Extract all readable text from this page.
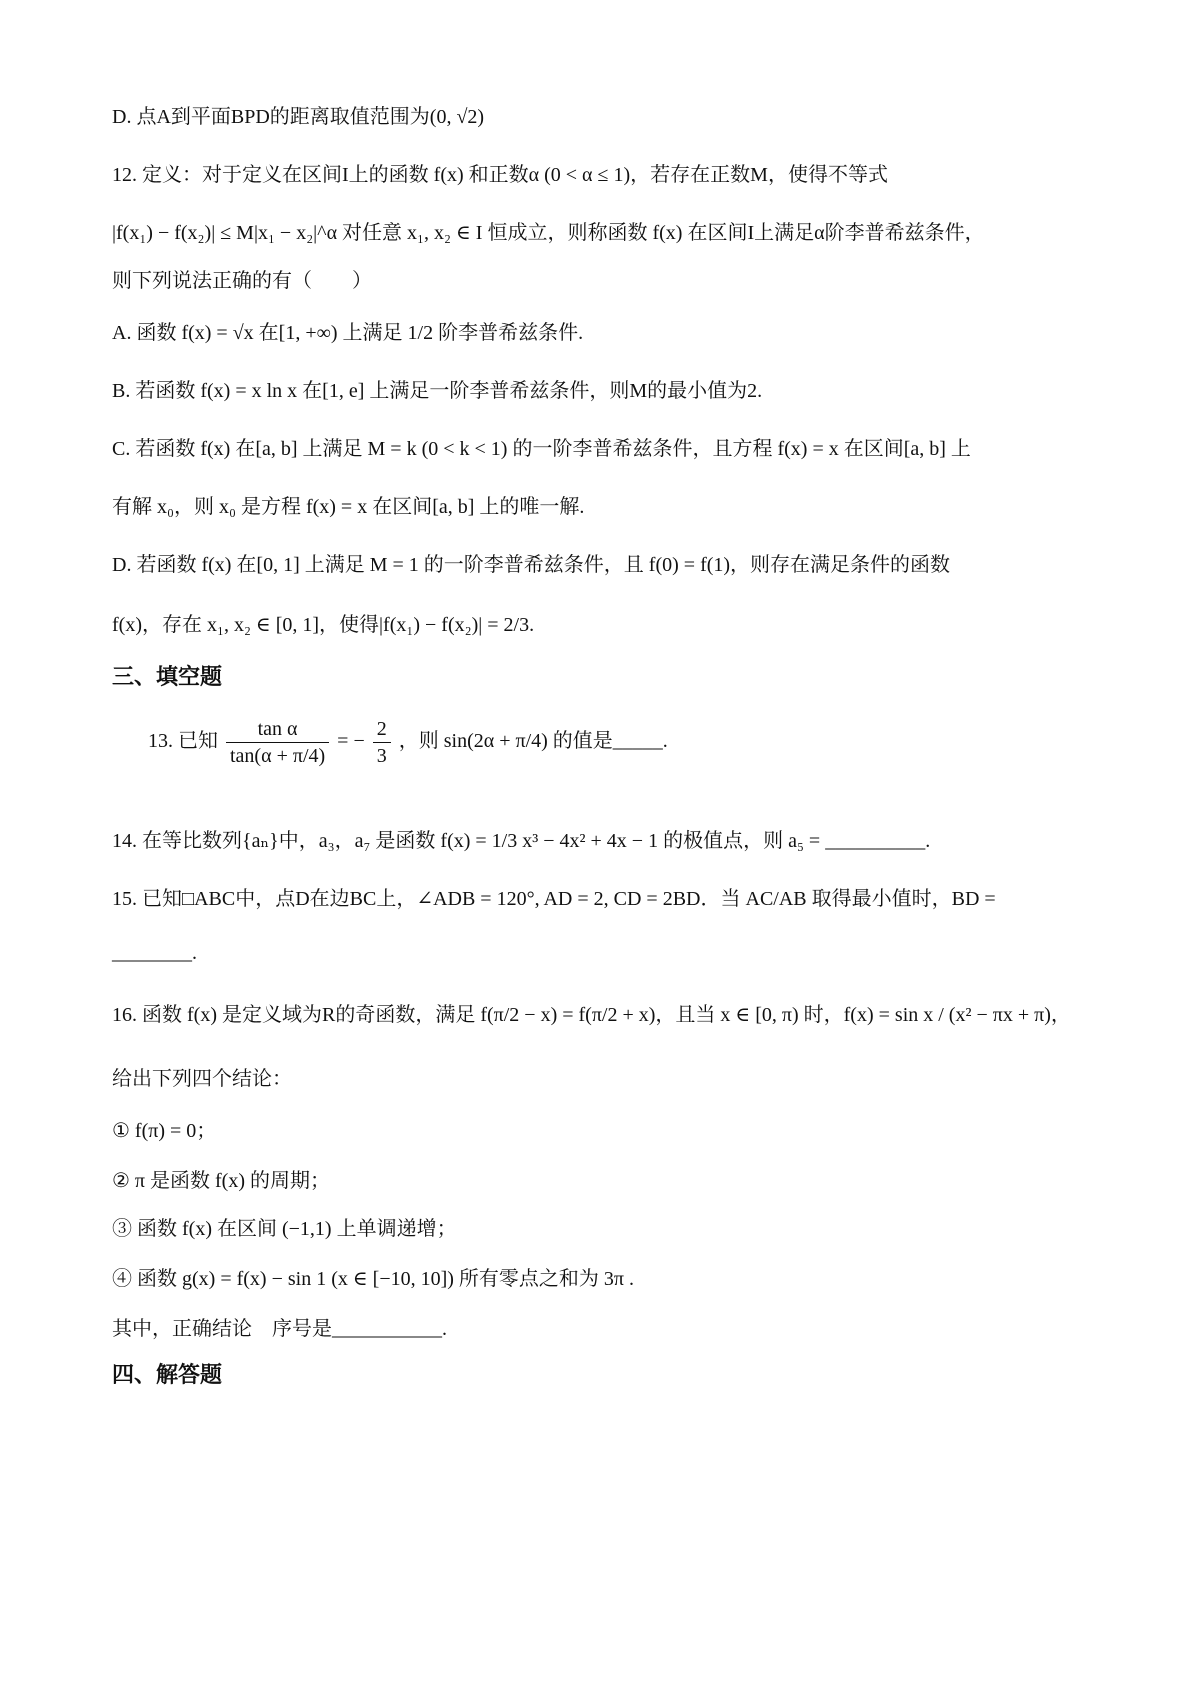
D. 点A到平面BPD的距离取值范围为(0, √2)
12. 定义：对于定义在区间I上的函数 f(x) 和正数α (0 < α ≤ 1)，若存在正数M，使得不等式
|f(x₁) − f(x₂)| ≤ M|x₁ − x₂|^α 对任意 x₁, x₂ ∈ I 恒成立，则称函数 f(x) 在区间I上满足α阶李普希兹条件，
则下列说法正确的有（　　）
A. 函数 f(x) = √x 在[1, +∞) 上满足 1/2 阶李普希兹条件.
B. 若函数 f(x) = x ln x 在[1, e] 上满足一阶李普希兹条件，则M的最小值为2.
C. 若函数 f(x) 在[a, b] 上满足 M = k (0 < k < 1) 的一阶李普希兹条件，且方程 f(x) = x 在区间[a, b] 上
有解 x₀，则 x₀ 是方程 f(x) = x 在区间[a, b] 上的唯一解.
D. 若函数 f(x) 在[0, 1] 上满足 M = 1 的一阶李普希兹条件，且 f(0) = f(1)，则存在满足条件的函数
f(x)，存在 x₁, x₂ ∈ [0, 1]，使得|f(x₁) − f(x₂)| = 2/3.
三、填空题
13. 已知 $\frac{\text{tan α}}{\tan(\alpha + \pi/4)}$ = − $\frac{2}{3}$ ，则 sin(2α + π/4) 的值是_____.
14. 在等比数列{aₙ}中，a₃，a₇ 是函数 f(x) = 1/3 x³ − 4x² + 4x − 1 的极值点，则 a₅ = __________.
15. 已知□ABC中，点D在边BC上，∠ADB = 120°, AD = 2, CD = 2BD．当 AC/AB 取得最小值时，BD =
________.
16. 函数 f(x) 是定义域为R的奇函数，满足 f(π/2 − x) = f(π/2 + x)，且当 x ∈ [0, π) 时，f(x) = sin x / (x² − πx + π)，
给出下列四个结论：
① f(π) = 0；
② π 是函数 f(x) 的周期；
③ 函数 f(x) 在区间 (−1,1) 上单调递增；
④ 函数 g(x) = f(x) − sin 1 (x ∈ [−10, 10]) 所有零点之和为 3π .
其中，正确结论　序号是___________.
四、解答题
